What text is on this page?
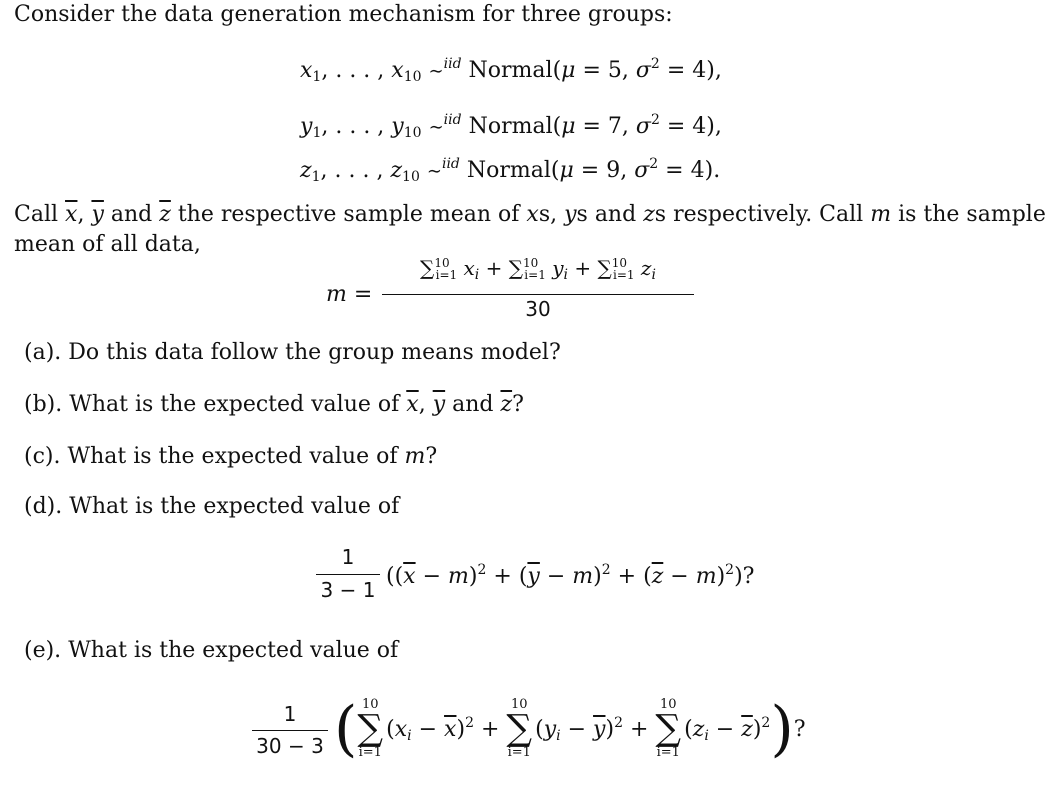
Consider the data generation mechanism for three groups:
$x_1$, . . . , $x_{10}$ ∼$^{iid}$ Normal(μ = 5, $\sigma^2 = 4$),
$y_1$, . . . , $y_{10}$ ∼$^{iid}$ Normal(μ = 7, $\sigma^2 = 4$),
$z_1$, . . . , $z_{10}$ ∼$^{iid}$ Normal(μ = 9, $\sigma^2 = 4$).
Call $\overline{x}$, $\overline{y}$ and $\overline{z}$ the respective sample mean of xs, ys and zs respectively. Call m is the sample
mean of all data,
m =
∑$^{10}_{i=1}$ $x_i + \sum^{10}_{i=1}$ $y_i + \sum^{10}_{i=1}$ $z_i$
30
(a). Do this data follow the group means model?
(b). What is the expected value of $\overline{x}$, $\overline{y}$ and $\overline{z}$?
(c). What is the expected value of m?
(d). What is the expected value of
1
3 − 1
$((\overline{x} - m)^2 + (\overline{y} - m)^2 + (\overline{z} - m)^2)$?
(e). What is the expected value of
1
30 − 3 ( 10
∑
i=1
$(x_i - \overline{x})^2$ +
10
∑
i=1
$(y_i - \overline{y})^2$ +
10
∑
i=1
$(z_i - \overline{z})^2$ ) ?
